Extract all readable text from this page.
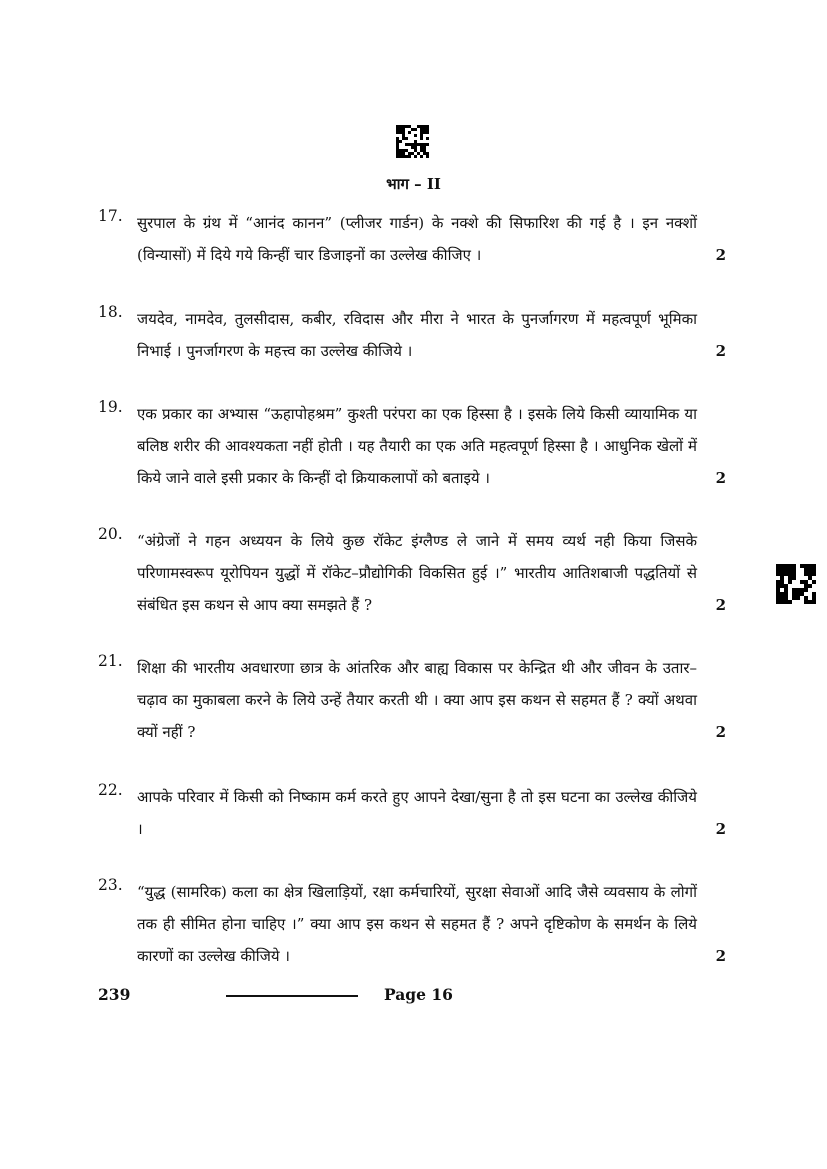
भाग – II
17. सुरपाल के ग्रंथ में “आनंद कानन” (प्लीजर गार्डन) के नक्शे की सिफारिश की गई है । इन नक्शों (विन्यासों) में दिये गये किन्हीं चार डिजाइनों का उल्लेख कीजिए ।	2
18. जयदेव, नामदेव, तुलसीदास, कबीर, रविदास और मीरा ने भारत के पुनर्जागरण में महत्वपूर्ण भूमिका निभाई । पुनर्जागरण के महत्त्व का उल्लेख कीजिये ।	2
19. एक प्रकार का अभ्यास “ऊहापोहश्रम” कुश्ती परंपरा का एक हिस्सा है । इसके लिये किसी व्यायामिक या बलिष्ठ शरीर की आवश्यकता नहीं होती । यह तैयारी का एक अति महत्वपूर्ण हिस्सा है । आधुनिक खेलों में किये जाने वाले इसी प्रकार के किन्हीं दो क्रियाकलापों को बताइये ।	2
20. “अंग्रेजों ने गहन अध्ययन के लिये कुछ रॉकेट इंग्लैण्ड ले जाने में समय व्यर्थ नही किया जिसके परिणामस्वरूप यूरोपियन युद्धों में रॉकेट–प्रौद्योगिकी विकसित हुई ।” भारतीय आतिशबाजी पद्धतियों से संबंधित इस कथन से आप क्या समझते हैं ?	2
21. शिक्षा की भारतीय अवधारणा छात्र के आंतरिक और बाह्य विकास पर केन्द्रित थी और जीवन के उतार–चढ़ाव का मुकाबला करने के लिये उन्हें तैयार करती थी । क्या आप इस कथन से सहमत हैं ? क्यों अथवा क्यों नहीं ?	2
22. आपके परिवार में किसी को निष्काम कर्म करते हुए आपने देखा/सुना है तो इस घटना का उल्लेख कीजिये ।	2
23. “युद्ध (सामरिक) कला का क्षेत्र खिलाड़ियों, रक्षा कर्मचारियों, सुरक्षा सेवाओं आदि जैसे व्यवसाय के लोगों तक ही सीमित होना चाहिए ।” क्या आप इस कथन से सहमत हैं ? अपने दृष्टिकोण के समर्थन के लिये कारणों का उल्लेख कीजिये ।	2
239	Page 16
